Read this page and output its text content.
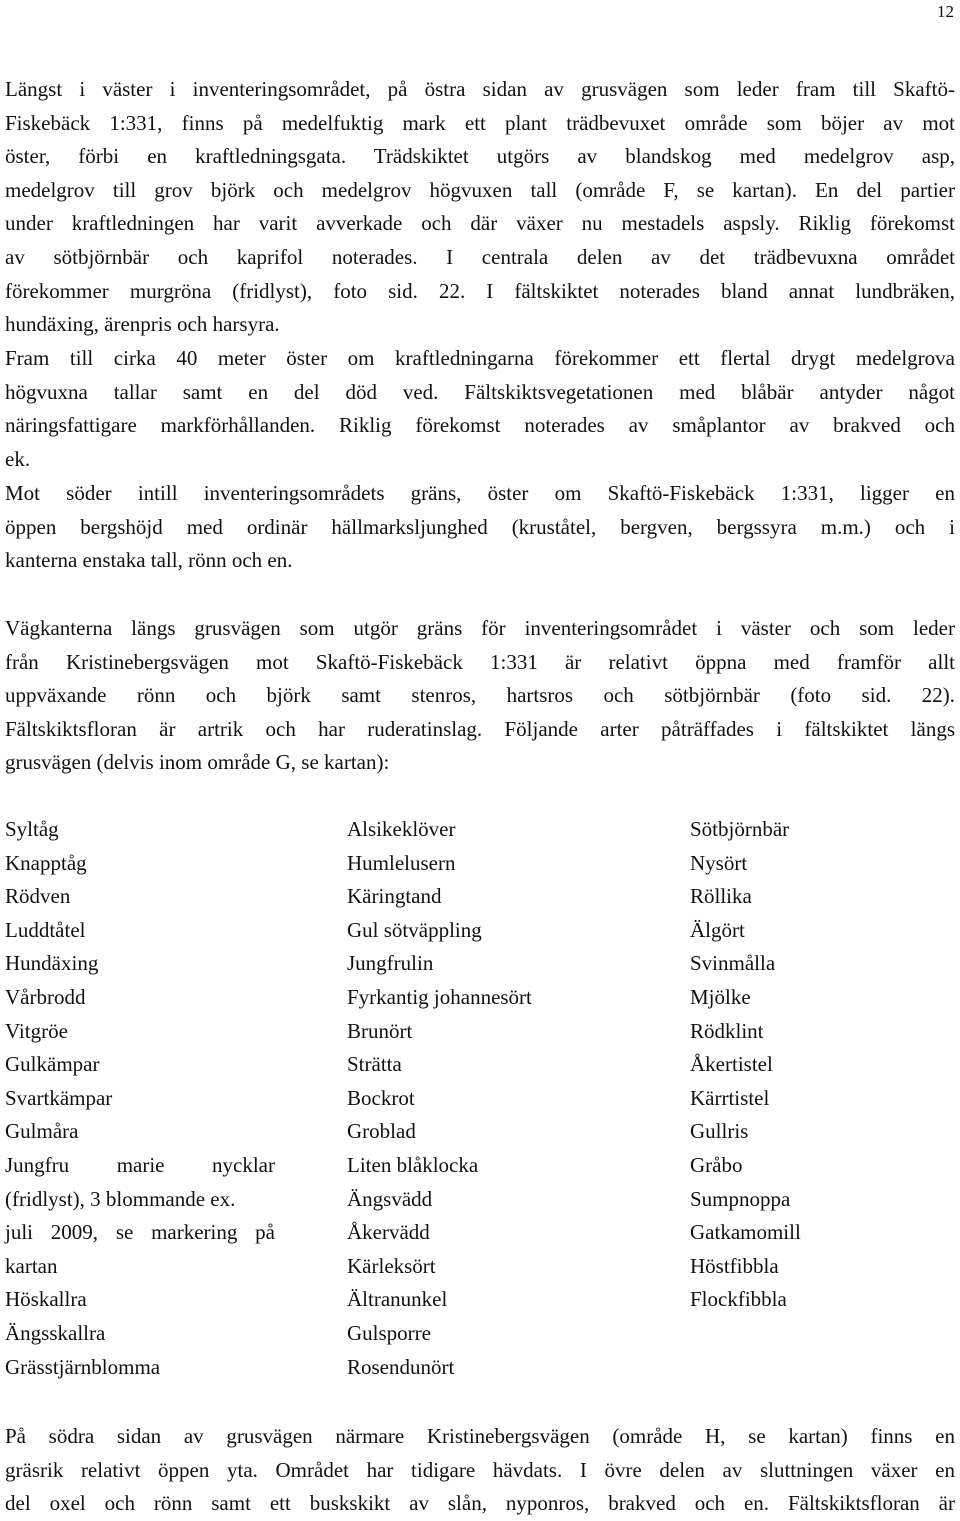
12
Längst i väster i inventeringsområdet, på östra sidan av grusvägen som leder fram till Skaftö-
Fiskebäck 1:331, finns på medelfuktig mark ett plant trädbevuxet område som böjer av mot
öster, förbi en kraftledningsgata. Trädskiktet utgörs av blandskog med medelgrov asp,
medelgrov till grov björk och medelgrov högvuxen tall (område F, se kartan). En del partier
under kraftledningen har varit avverkade och där växer nu mestadels aspsly. Riklig förekomst
av sötbjörnbär och kaprifol noterades. I centrala delen av det trädbevuxna området
förekommer murgröna (fridlyst), foto sid. 22. I fältskiktet noterades bland annat lundbräken,
hundäxing, ärenpris och harsyra.
Fram till cirka 40 meter öster om kraftledningarna förekommer ett flertal drygt medelgrova
högvuxna tallar samt en del död ved. Fältskiktsvegetationen med blåbär antyder något
näringsfattigare markförhållanden. Riklig förekomst noterades av småplantor av brakved och
ek.
Mot söder intill inventeringsområdets gräns, öster om Skaftö-Fiskebäck 1:331, ligger en
öppen bergshöjd med ordinär hällmarksljunghed (kruståtel, bergven, bergssyra m.m.) och i
kanterna enstaka tall, rönn och en.
Vägkanterna längs grusvägen som utgör gräns för inventeringsområdet i väster och som leder
från Kristinebergsvägen mot Skaftö-Fiskebäck 1:331 är relativt öppna med framför allt
uppväxande rönn och björk samt stenros, hartsros och sötbjörnbär (foto sid. 22).
Fältskiktsfloran är artrik och har ruderatinslag. Följande arter påträffades i fältskiktet längs
grusvägen (delvis inom område G, se kartan):
Syltåg
Knapptåg
Rödven
Luddtåtel
Hundäxing
Vårbrodd
Vitgröe
Gulkämpar
Svartkämpar
Gulmåra
Jungfru marie nycklar
(fridlyst), 3 blommande ex.
juli 2009, se markering på
kartan
Höskallra
Ängsskallra
Grässtjärnblomma
Alsikeklöver
Humlelusern
Käringtand
Gul sötväppling
Jungfrulin
Fyrkantig johannesört
Brunört
Strätta
Bockrot
Groblad
Liten blåklocka
Ängsvädd
Åkervädd
Kärleksört
Ältranunkel
Gulsporre
Rosendunört
Sötbjörnbär
Nysört
Röllika
Älgört
Svinmålla
Mjölke
Rödklint
Åkertistel
Kärrtistel
Gullris
Gråbo
Sumpnoppa
Gatkamomill
Höstfibbla
Flockfibbla
På södra sidan av grusvägen närmare Kristinebergsvägen (område H, se kartan) finns en
gräsrik relativt öppen yta. Området har tidigare hävdats. I övre delen av sluttningen växer en
del oxel och rönn samt ett buskskikt av slån, nyponros, brakved och en. Fältskiktsfloran är
